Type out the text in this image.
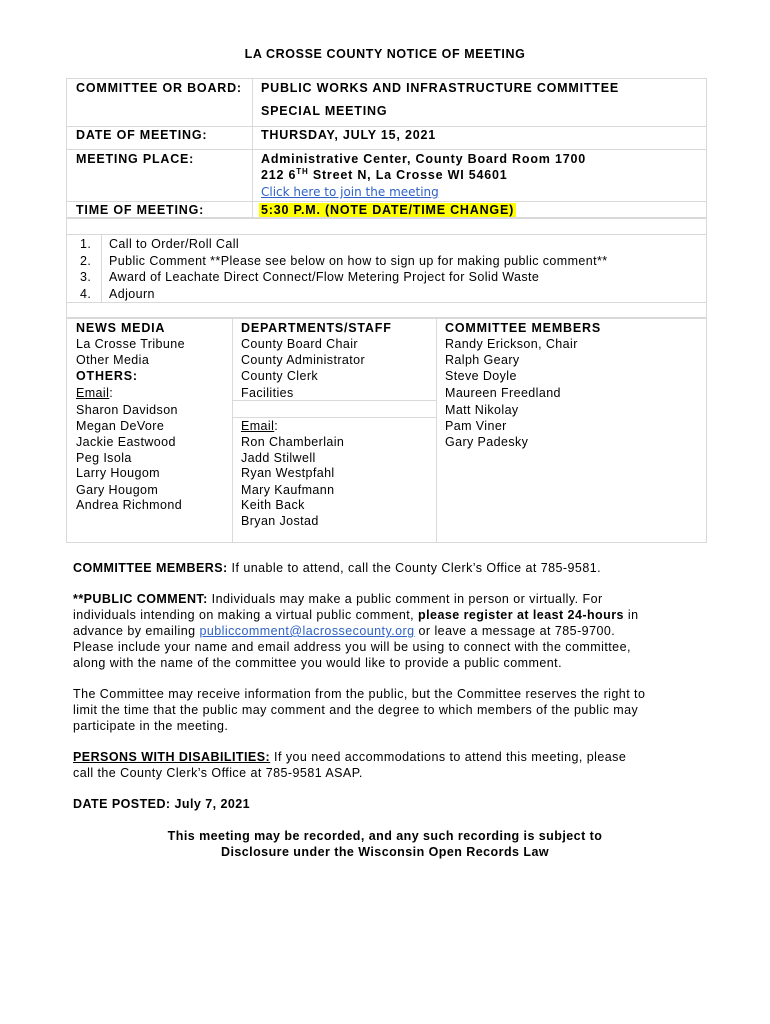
LA CROSSE COUNTY NOTICE OF MEETING
COMMITTEE OR BOARD: PUBLIC WORKS AND INFRASTRUCTURE COMMITTEE
SPECIAL MEETING
DATE OF MEETING:	THURSDAY, JULY 15, 2021
MEETING PLACE:	Administrative Center, County Board Room 1700
212 6TH Street N, La Crosse WI 54601
Click here to join the meeting
TIME OF MEETING:	5:30 P.M. (NOTE DATE/TIME CHANGE)
1. Call to Order/Roll Call
2. Public Comment **Please see below on how to sign up for making public comment**
3. Award of Leachate Direct Connect/Flow Metering Project for Solid Waste
4. Adjourn
NEWS MEDIA
La Crosse Tribune
Other Media
OTHERS:
Email:
Sharon Davidson
Megan DeVore
Jackie Eastwood
Peg Isola
Larry Hougom
Gary Hougom
Andrea Richmond
DEPARTMENTS/STAFF
County Board Chair
County Administrator
County Clerk
Facilities
Email:
Ron Chamberlain
Jadd Stilwell
Ryan Westpfahl
Mary Kaufmann
Keith Back
Bryan Jostad
COMMITTEE MEMBERS
Randy Erickson, Chair
Ralph Geary
Steve Doyle
Maureen Freedland
Matt Nikolay
Pam Viner
Gary Padesky
COMMITTEE MEMBERS: If unable to attend, call the County Clerk’s Office at 785-9581.
**PUBLIC COMMENT: Individuals may make a public comment in person or virtually. For
individuals intending on making a virtual public comment, please register at least 24-hours in
advance by emailing publiccomment@lacrossecounty.org or leave a message at 785-9700.
Please include your name and email address you will be using to connect with the committee,
along with the name of the committee you would like to provide a public comment.
The Committee may receive information from the public, but the Committee reserves the right to
limit the time that the public may comment and the degree to which members of the public may
participate in the meeting.
PERSONS WITH DISABILITIES: If you need accommodations to attend this meeting, please
call the County Clerk’s Office at 785-9581 ASAP.
DATE POSTED: July 7, 2021
This meeting may be recorded, and any such recording is subject to
Disclosure under the Wisconsin Open Records Law
